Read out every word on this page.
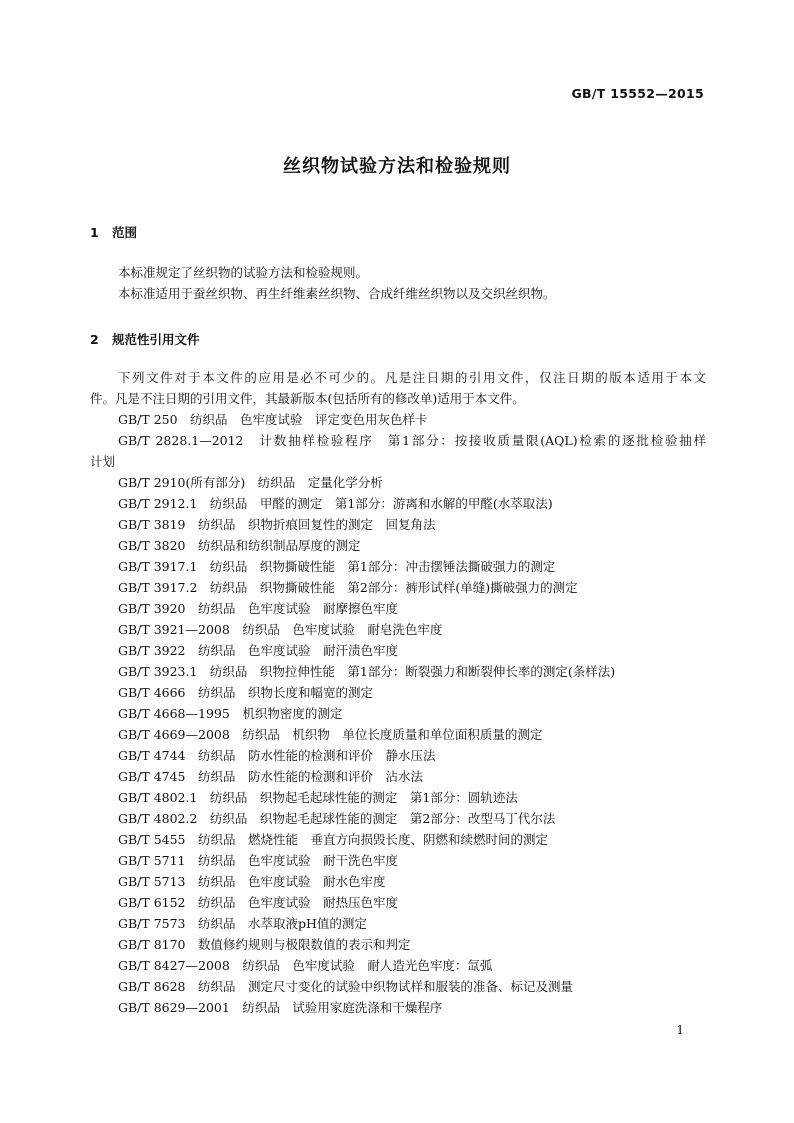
GB/T 15552—2015
丝织物试验方法和检验规则
1 范围
本标准规定了丝织物的试验方法和检验规则。
本标准适用于蚕丝织物、再生纤维素丝织物、合成纤维丝织物以及交织丝织物。
2 规范性引用文件
下列文件对于本文件的应用是必不可少的。凡是注日期的引用文件，仅注日期的版本适用于本文
件。凡是不注日期的引用文件，其最新版本(包括所有的修改单)适用于本文件。
GB/T 250　纺织品　色牢度试验　评定变色用灰色样卡
GB/T 2828.1—2012　计数抽样检验程序　第1部分：按接收质量限(AQL)检索的逐批检验抽样
计划
GB/T 2910(所有部分)　纺织品　定量化学分析
GB/T 2912.1　纺织品　甲醛的测定　第1部分：游离和水解的甲醛(水萃取法)
GB/T 3819　纺织品　织物折痕回复性的测定　回复角法
GB/T 3820　纺织品和纺织制品厚度的测定
GB/T 3917.1　纺织品　织物撕破性能　第1部分：冲击摆锤法撕破强力的测定
GB/T 3917.2　纺织品　织物撕破性能　第2部分：裤形试样(单缝)撕破强力的测定
GB/T 3920　纺织品　色牢度试验　耐摩擦色牢度
GB/T 3921—2008　纺织品　色牢度试验　耐皂洗色牢度
GB/T 3922　纺织品　色牢度试验　耐汗渍色牢度
GB/T 3923.1　纺织品　织物拉伸性能　第1部分：断裂强力和断裂伸长率的测定(条样法)
GB/T 4666　纺织品　织物长度和幅宽的测定
GB/T 4668—1995　机织物密度的测定
GB/T 4669—2008　纺织品　机织物　单位长度质量和单位面积质量的测定
GB/T 4744　纺织品　防水性能的检测和评价　静水压法
GB/T 4745　纺织品　防水性能的检测和评价　沾水法
GB/T 4802.1　纺织品　织物起毛起球性能的测定　第1部分：圆轨迹法
GB/T 4802.2　纺织品　织物起毛起球性能的测定　第2部分：改型马丁代尔法
GB/T 5455　纺织品　燃烧性能　垂直方向损毁长度、阴燃和续燃时间的测定
GB/T 5711　纺织品　色牢度试验　耐干洗色牢度
GB/T 5713　纺织品　色牢度试验　耐水色牢度
GB/T 6152　纺织品　色牢度试验　耐热压色牢度
GB/T 7573　纺织品　水萃取液pH值的测定
GB/T 8170　数值修约规则与极限数值的表示和判定
GB/T 8427—2008　纺织品　色牢度试验　耐人造光色牢度：氙弧
GB/T 8628　纺织品　测定尺寸变化的试验中织物试样和服装的准备、标记及测量
GB/T 8629—2001　纺织品　试验用家庭洗涤和干燥程序
1
